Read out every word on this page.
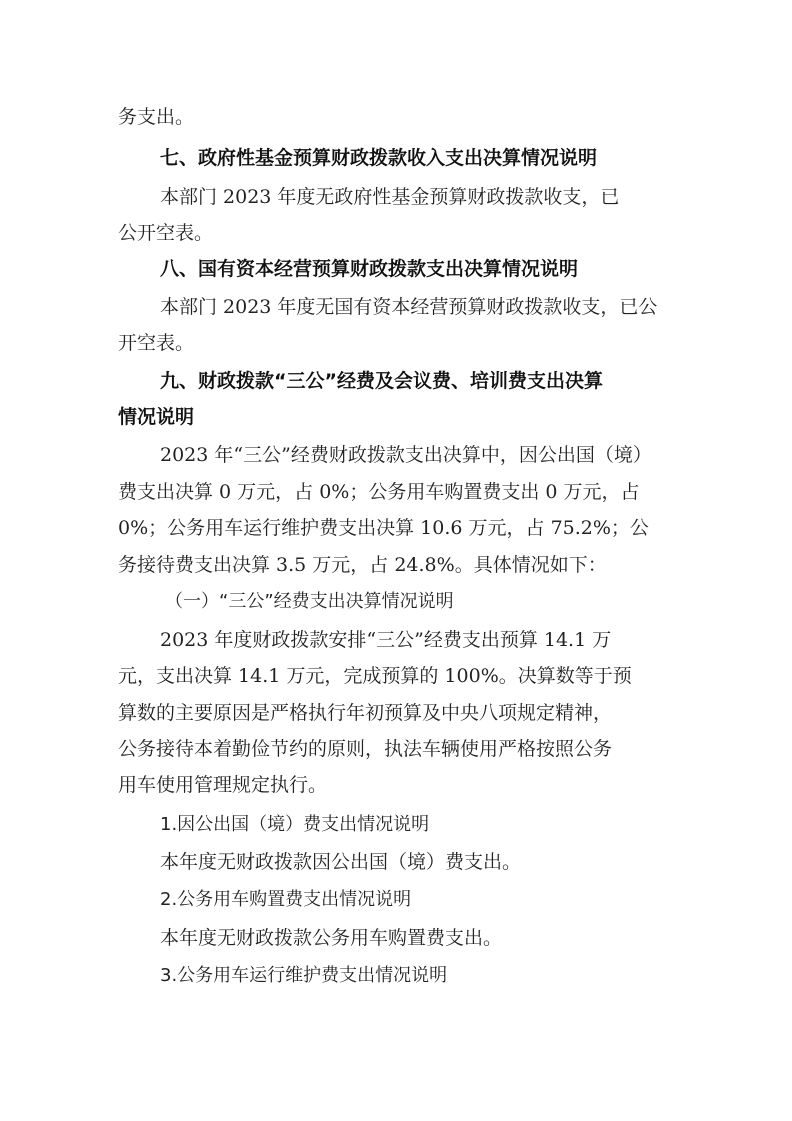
务支出。
七、政府性基金预算财政拨款收入支出决算情况说明
本部门 2023 年度无政府性基金预算财政拨款收支，已
公开空表。
八、国有资本经营预算财政拨款支出决算情况说明
本部门 2023 年度无国有资本经营预算财政拨款收支，已公
开空表。
九、财政拨款“三公”经费及会议费、培训费支出决算
情况说明
2023 年“三公”经费财政拨款支出决算中，因公出国（境）
费支出决算 0 万元，占 0%；公务用车购置费支出 0 万元，占
0%；公务用车运行维护费支出决算 10.6 万元，占 75.2%；公
务接待费支出决算 3.5 万元，占 24.8%。具体情况如下：
（一）“三公”经费支出决算情况说明
2023 年度财政拨款安排“三公”经费支出预算 14.1 万
元，支出决算 14.1 万元，完成预算的 100%。决算数等于预
算数的主要原因是严格执行年初预算及中央八项规定精神，
公务接待本着勤俭节约的原则，执法车辆使用严格按照公务
用车使用管理规定执行。
1.因公出国（境）费支出情况说明
本年度无财政拨款因公出国（境）费支出。
2.公务用车购置费支出情况说明
本年度无财政拨款公务用车购置费支出。
3.公务用车运行维护费支出情况说明
